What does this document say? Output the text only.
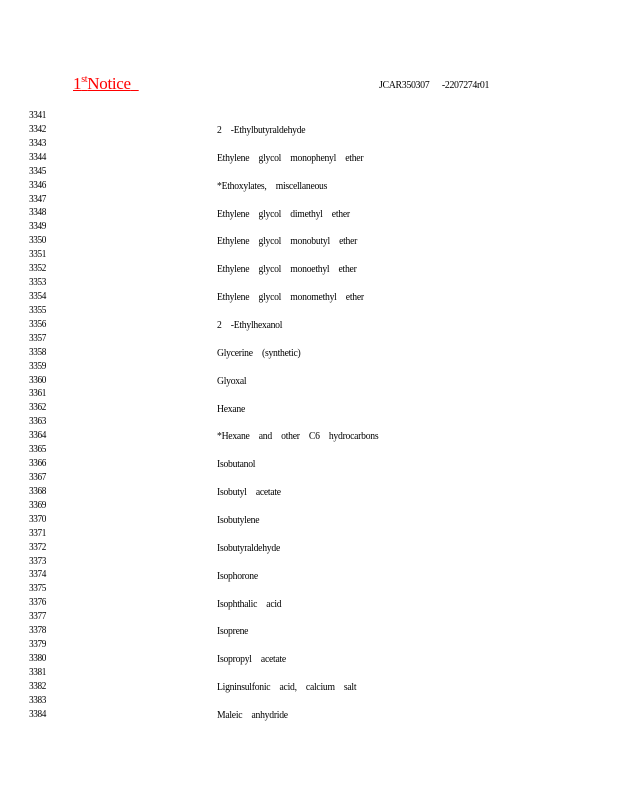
1stNotice	JCAR350307 -2207274r01
3341
3342
3343
3344
3345
3346
3347
3348
3349
3350
3351
3352
3353
3354
3355
3356
3357
3358
3359
3360
3361
3362
3363
3364
3365
3366
3367
3368
3369
3370
3371
3372
3373
3374
3375
3376
3377
3378
3379
3380
3381
3382
3383
3384
2 -Ethylbutyraldehyde
Ethylene glycol monophenyl ether
*Ethoxylates, miscellaneous
Ethylene glycol dimethyl ether
Ethylene glycol monobutyl ether
Ethylene glycol monoethyl ether
Ethylene glycol monomethyl ether
2 -Ethylhexanol
Glycerine (synthetic)
Glyoxal
Hexane
*Hexane and other C6 hydrocarbons
Isobutanol
Isobutyl acetate
Isobutylene
Isobutyraldehyde
Isophorone
Isophthalic acid
Isoprene
Isopropyl acetate
Ligninsulfonic acid, calcium salt
Maleic anhydride
